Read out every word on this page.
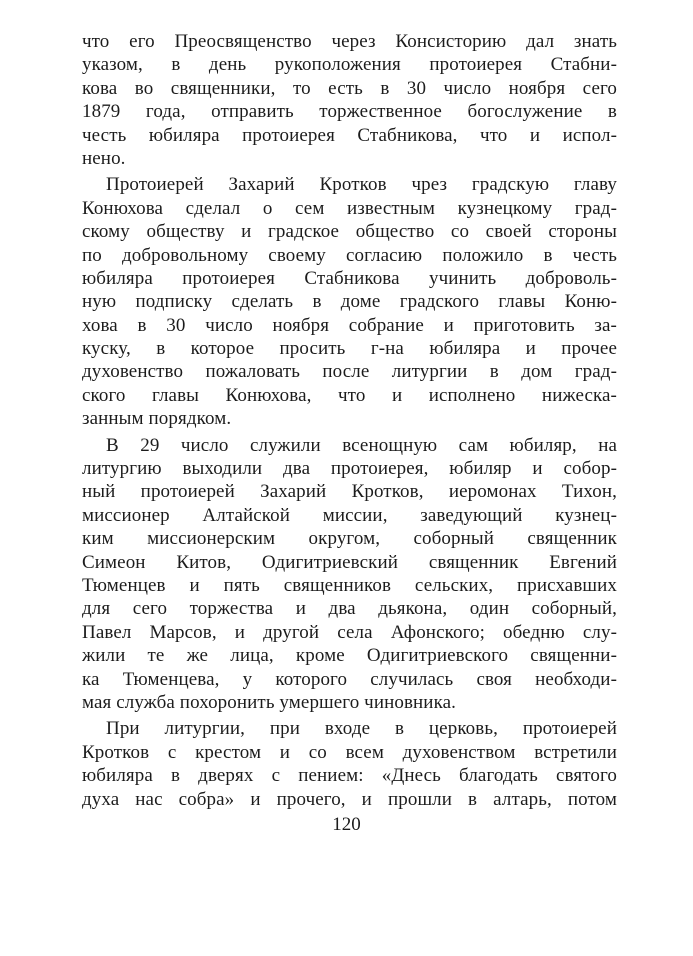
что его Преосвященство через Консисторию дал знать
указом, в день рукоположения протоиерея Стабни-
кова во священники, то есть в 30 число ноября сего
1879 года, отправить торжественное богослужение в
честь юбиляра протоиерея Стабникова, что и испол-
нено.
Протоиерей Захарий Кротков чрез градскую главу
Конюхова сделал о сем известным кузнецкому град-
скому обществу и градское общество со своей стороны
по добровольному своему согласию положило в честь
юбиляра протоиерея Стабникова учинить доброволь-
ную подписку сделать в доме градского главы Коню-
хова в 30 число ноября собрание и приготовить за-
куску, в которое просить г-на юбиляра и прочее
духовенство пожаловать после литургии в дом град-
ского главы Конюхова, что и исполнено нижеска-
занным порядком.
В 29 число служили всенощную сам юбиляр, на
литургию выходили два протоиерея, юбиляр и собор-
ный протоиерей Захарий Кротков, иеромонах Тихон,
миссионер Алтайской миссии, заведующий кузнец-
ким миссионерским округом, соборный священник
Симеон Китов, Одигитриевский священник Евгений
Тюменцев и пять священников сельских, присхавших
для сего торжества и два дьякона, один соборный,
Павел Марсов, и другой села Афонского; обедню слу-
жили те же лица, кроме Одигитриевского священни-
ка Тюменцева, у которого случилась своя необходи-
мая служба похоронить умершего чиновника.
При литургии, при входе в церковь, протоиерей
Кротков с крестом и со всем духовенством встретили
юбиляра в дверях с пением: «Днесь благодать святого
духа нас собра» и прочего, и прошли в алтарь, потом
120
